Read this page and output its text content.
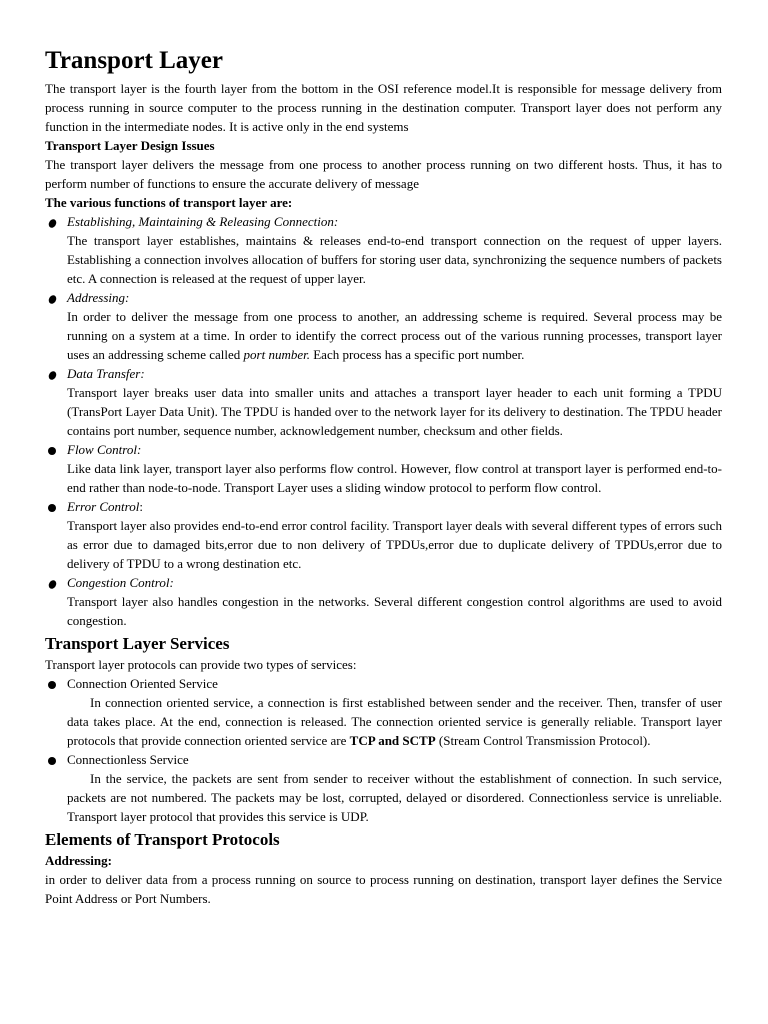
Transport Layer

The transport layer is the fourth layer from the bottom in the OSI reference model.It is responsible for message delivery from process running in source computer to the process running in the destination computer. Transport layer does not perform any function in the intermediate nodes. It is active only in the end systems

Transport Layer Design Issues

The transport layer delivers the message from one process to another process running on two different hosts. Thus, it has to perform number of functions to ensure the accurate delivery of message

The various functions of transport layer are:

Establishing, Maintaining & Releasing Connection:

The transport layer establishes, maintains & releases end-to-end transport connection on the request of upper layers. Establishing a connection involves allocation of buffers for storing user data, synchronizing the sequence numbers of packets etc. A connection is released at the request of upper layer.

Addressing:

In order to deliver the message from one process to another, an addressing scheme is required. Several process may be running on a system at a time. In order to identify the correct process out of the various running processes, transport layer uses an addressing scheme called port number. Each process has a specific port number.

Data Transfer:

Transport layer breaks user data into smaller units and attaches a transport layer header to each unit forming a TPDU (TransPort Layer Data Unit). The TPDU is handed over to the network layer for its delivery to destination. The TPDU header contains port number, sequence number, acknowledgement number, checksum and other fields.

Flow Control:

Like data link layer, transport layer also performs flow control. However, flow control at transport layer is performed end-to-end rather than node-to-node. Transport Layer uses a sliding window protocol to perform flow control.

Error Control:

Transport layer also provides end-to-end error control facility. Transport layer deals with several different types of errors such as error due to damaged bits,error due to non delivery of TPDUs,error due to duplicate delivery of TPDUs,error due to delivery of TPDU to a wrong destination etc.

Congestion Control:

Transport layer also handles congestion in the networks. Several different congestion control algorithms are used to avoid congestion.

Transport Layer Services

Transport layer protocols can provide two types of services:

Connection Oriented Service

In connection oriented service, a connection is first established between sender and the receiver. Then, transfer of user data takes place. At the end, connection is released. The connection oriented service is generally reliable. Transport layer protocols that provide connection oriented service are TCP and SCTP (Stream Control Transmission Protocol).

Connectionless Service

In the service, the packets are sent from sender to receiver without the establishment of connection. In such service, packets are not numbered. The packets may be lost, corrupted, delayed or disordered. Connectionless service is unreliable. Transport layer protocol that provides this service is UDP.

Elements of Transport Protocols

Addressing:

in order to deliver data from a process running on source to process running on destination, transport layer defines the Service Point Address or Port Numbers.
